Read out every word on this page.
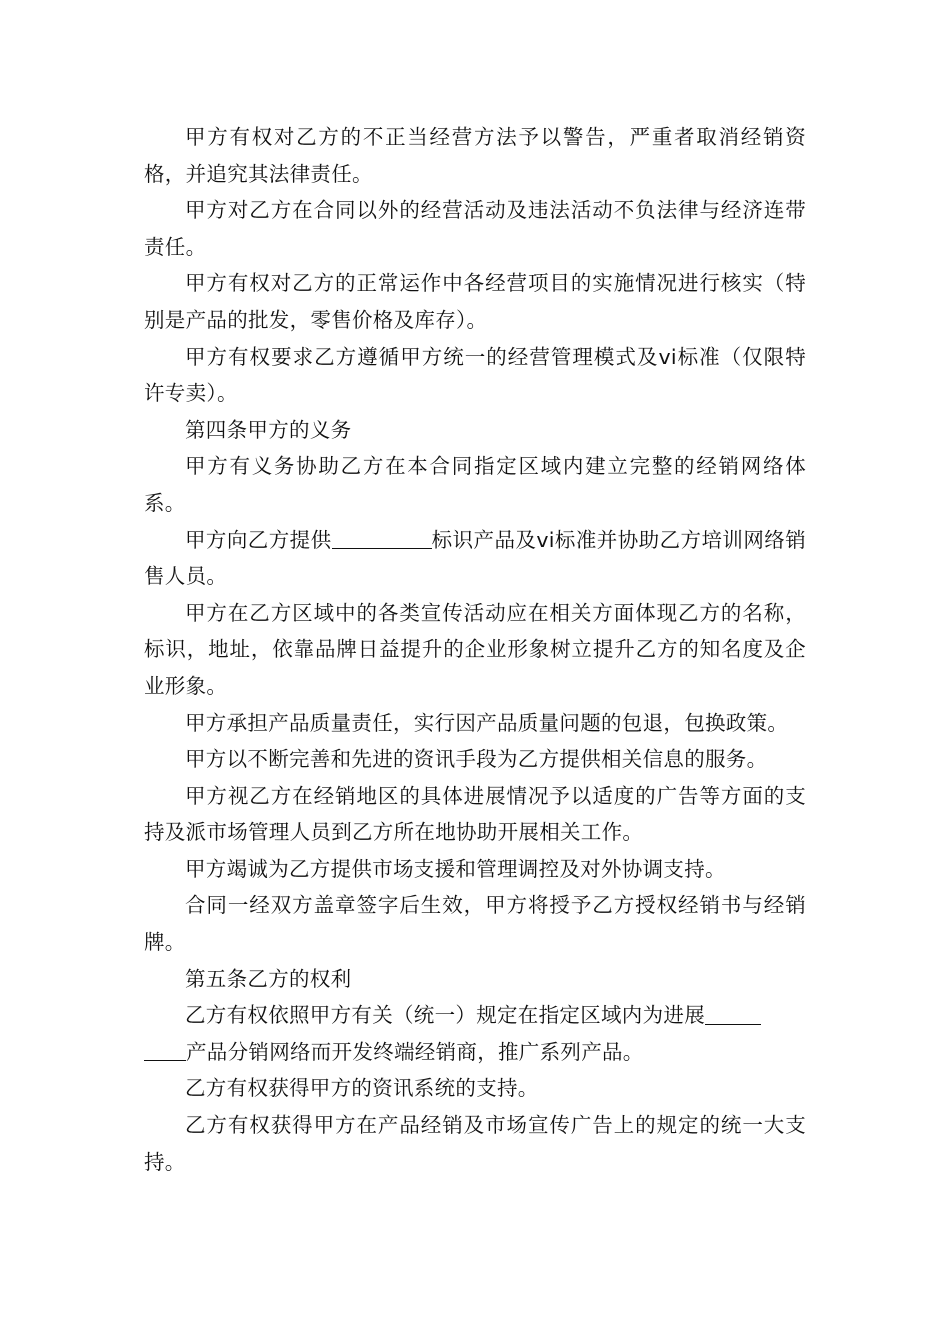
甲方有权对乙方的不正当经营方法予以警告，严重者取消经销资格，并追究其法律责任。

甲方对乙方在合同以外的经营活动及违法活动不负法律与经济连带责任。

甲方有权对乙方的正常运作中各经营项目的实施情况进行核实（特别是产品的批发，零售价格及库存）。

甲方有权要求乙方遵循甲方统一的经营管理模式及vi标准（仅限特许专卖）。

第四条甲方的义务

甲方有义务协助乙方在本合同指定区域内建立完整的经销网络体系。

甲方向乙方提供	标识产品及vi标准并协助乙方培训网络销售人员。

甲方在乙方区域中的各类宣传活动应在相关方面体现乙方的名称，标识，地址，依靠品牌日益提升的企业形象树立提升乙方的知名度及企业形象。

甲方承担产品质量责任，实行因产品质量问题的包退，包换政策。

甲方以不断完善和先进的资讯手段为乙方提供相关信息的服务。

甲方视乙方在经销地区的具体进展情况予以适度的广告等方面的支持及派市场管理人员到乙方所在地协助开展相关工作。

甲方竭诚为乙方提供市场支援和管理调控及对外协调支持。

合同一经双方盖章签字后生效，甲方将授予乙方授权经销书与经销牌。

第五条乙方的权利

乙方有权依照甲方有关（统一）规定在指定区域内为进展
产品分销网络而开发终端经销商，推广系列产品。

乙方有权获得甲方的资讯系统的支持。

乙方有权获得甲方在产品经销及市场宣传广告上的规定的统一大支持。
